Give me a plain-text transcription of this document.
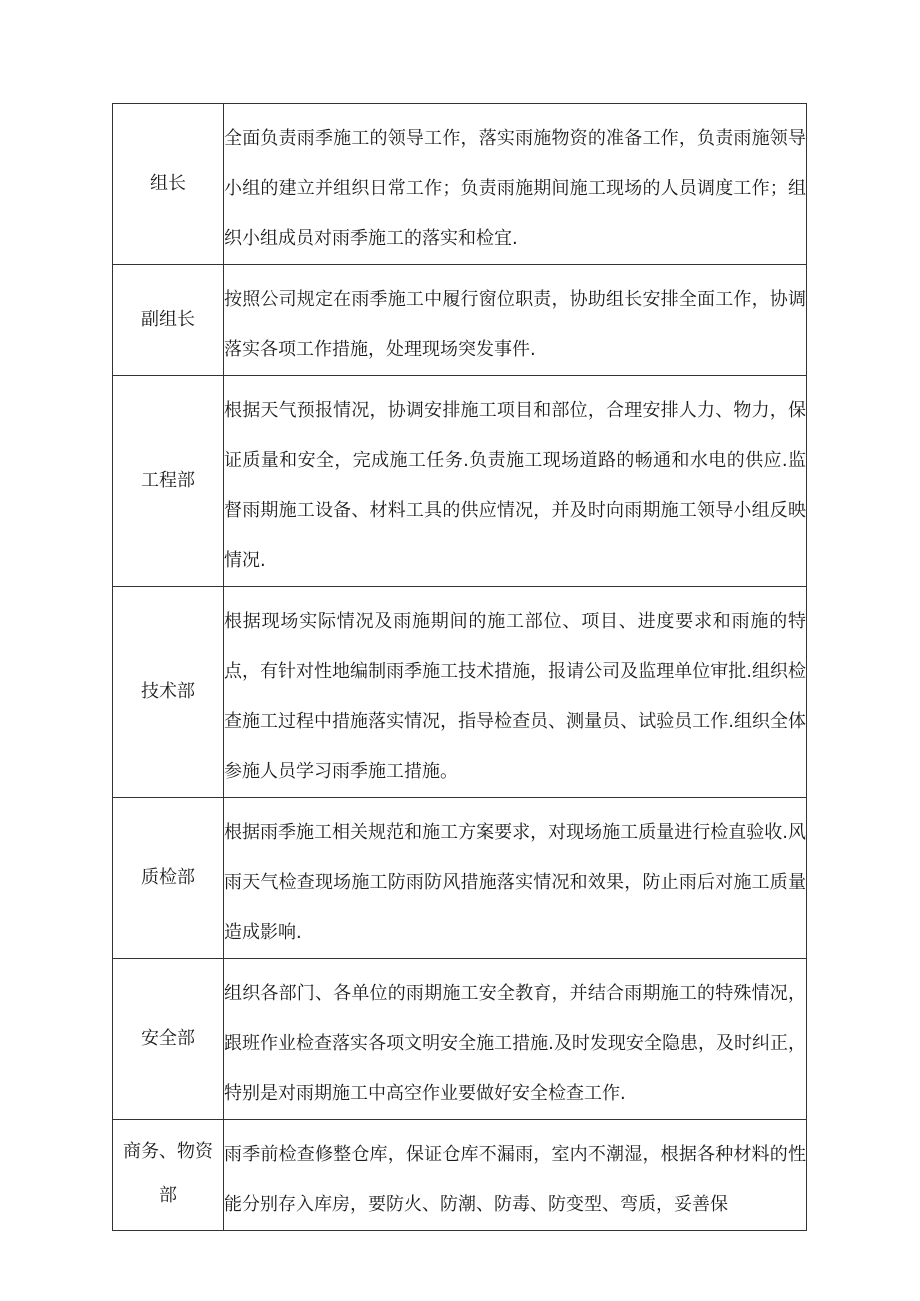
组长	全面负责雨季施工的领导工作，落实雨施物资的准备工作，负责雨施领导小组的建立并组织日常工作；负责雨施期间施工现场的人员调度工作；组织小组成员对雨季施工的落实和检宜.

副组长	按照公司规定在雨季施工中履行窗位职责，协助组长安排全面工作，协调落实各项工作措施，处理现场突发事件.

工程部	根据天气预报情况，协调安排施工项目和部位，合理安排人力、物力，保证质量和安全，完成施工任务.负责施工现场道路的畅通和水电的供应.监督雨期施工设备、材料工具的供应情况，并及时向雨期施工领导小组反映情况.

技术部	根据现场实际情况及雨施期间的施工部位、项目、进度要求和雨施的特点，有针对性地编制雨季施工技术措施，报请公司及监理单位审批.组织检查施工过程中措施落实情况，指导检查员、测量员、试验员工作.组织全体参施人员学习雨季施工措施。

质检部	根据雨季施工相关规范和施工方案要求，对现场施工质量进行检直验收.风雨天气检查现场施工防雨防风措施落实情况和效果，防止雨后对施工质量造成影响.

安全部	组织各部门、各单位的雨期施工安全教育，并结合雨期施工的特殊情况，跟班作业检查落实各项文明安全施工措施.及时发现安全隐患，及时纠正，特别是对雨期施工中高空作业要做好安全检查工作.

商务、物资部	雨季前检查修整仓库，保证仓库不漏雨，室内不潮湿，根据各种材料的性能分别存入库房，要防火、防潮、防毒、防变型、弯质，妥善保
